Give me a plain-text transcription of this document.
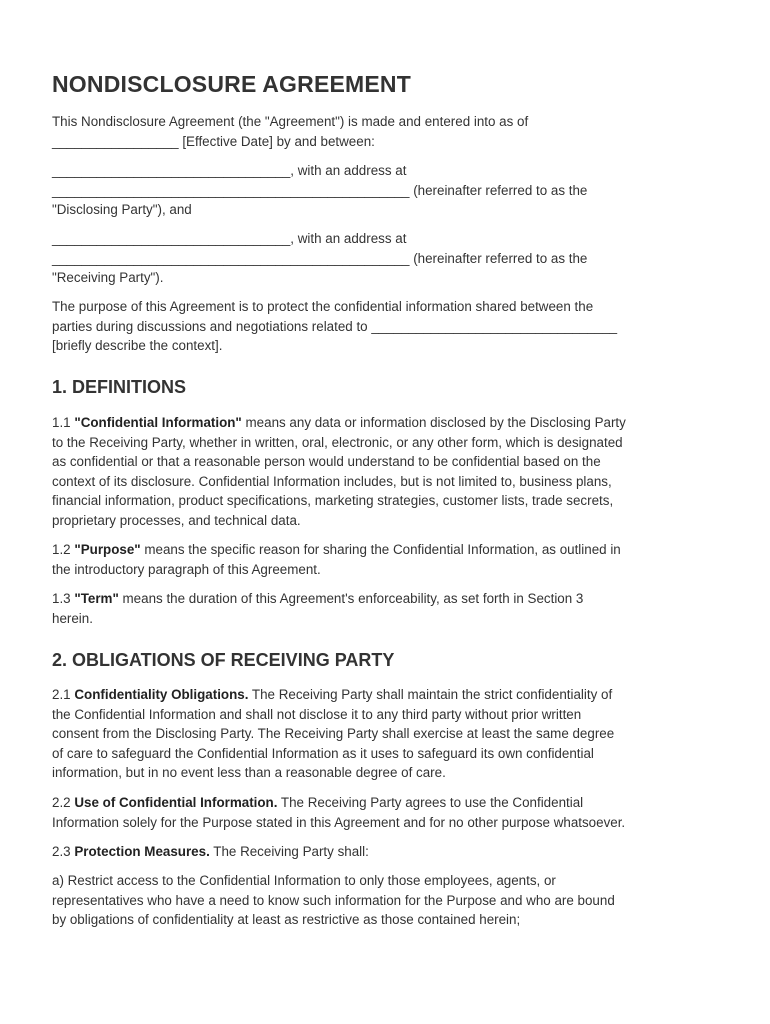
NONDISCLOSURE AGREEMENT

This Nondisclosure Agreement (the "Agreement") is made and entered into as of

_________________ [Effective Date] by and between:

________________________________, with an address at

________________________________________________ (hereinafter referred to as the

"Disclosing Party"), and

________________________________, with an address at

________________________________________________ (hereinafter referred to as the

"Receiving Party").

The purpose of this Agreement is to protect the confidential information shared between the

parties during discussions and negotiations related to _________________________________

[briefly describe the context].

1. DEFINITIONS

1.1 "Confidential Information" means any data or information disclosed by the Disclosing Party

to the Receiving Party, whether in written, oral, electronic, or any other form, which is designated

as confidential or that a reasonable person would understand to be confidential based on the

context of its disclosure. Confidential Information includes, but is not limited to, business plans,

financial information, product specifications, marketing strategies, customer lists, trade secrets,

proprietary processes, and technical data.

1.2 "Purpose" means the specific reason for sharing the Confidential Information, as outlined in

the introductory paragraph of this Agreement.

1.3 "Term" means the duration of this Agreement's enforceability, as set forth in Section 3

herein.

2. OBLIGATIONS OF RECEIVING PARTY

2.1 Confidentiality Obligations. The Receiving Party shall maintain the strict confidentiality of

the Confidential Information and shall not disclose it to any third party without prior written

consent from the Disclosing Party. The Receiving Party shall exercise at least the same degree

of care to safeguard the Confidential Information as it uses to safeguard its own confidential

information, but in no event less than a reasonable degree of care.

2.2 Use of Confidential Information. The Receiving Party agrees to use the Confidential

Information solely for the Purpose stated in this Agreement and for no other purpose whatsoever.

2.3 Protection Measures. The Receiving Party shall:

a) Restrict access to the Confidential Information to only those employees, agents, or

representatives who have a need to know such information for the Purpose and who are bound

by obligations of confidentiality at least as restrictive as those contained herein;
